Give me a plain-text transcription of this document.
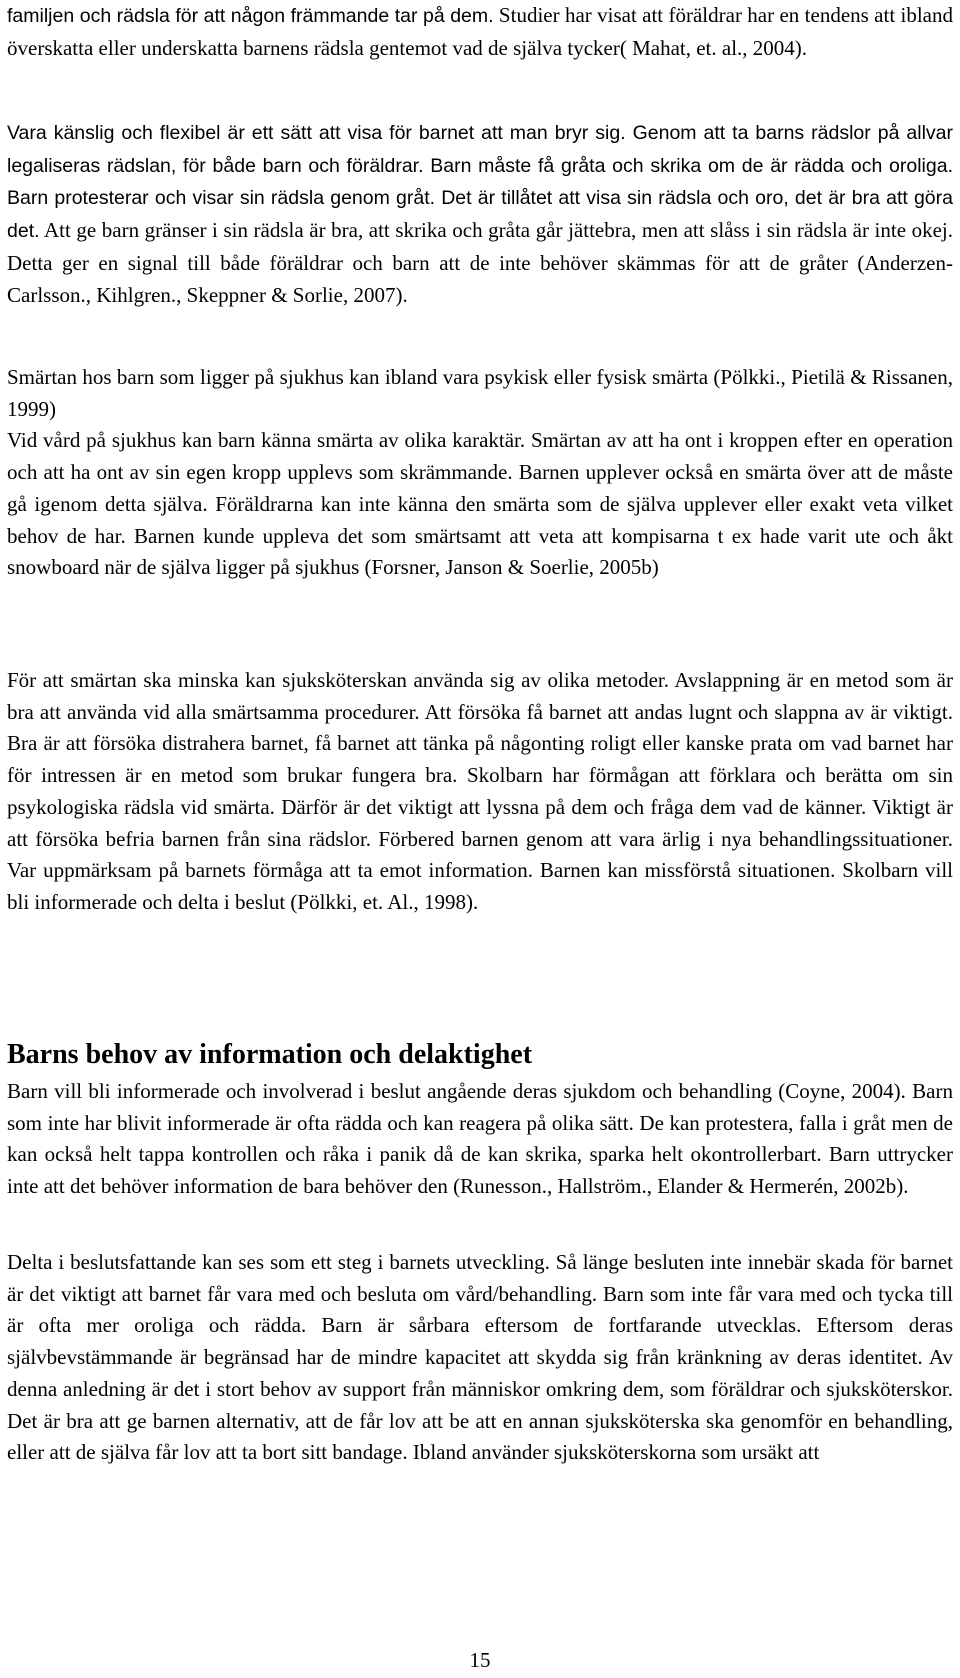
familjen och rädsla för att någon främmande tar på dem. Studier har visat att föräldrar har en tendens att ibland överskatta eller underskatta barnens rädsla gentemot vad de själva tycker( Mahat, et. al., 2004).

Vara känslig och flexibel är ett sätt att visa för barnet att man bryr sig. Genom att ta barns rädslor på allvar legaliseras rädslan, för både barn och föräldrar. Barn måste få gråta och skrika om de är rädda och oroliga. Barn protesterar och visar sin rädsla genom gråt. Det är tillåtet att visa sin rädsla och oro, det är bra att göra det. Att ge barn gränser i sin rädsla är bra, att skrika och gråta går jättebra, men att slåss i sin rädsla är inte okej. Detta ger en signal till både föräldrar och barn att de inte behöver skämmas för att de gråter (Anderzen-Carlsson., Kihlgren., Skeppner & Sorlie, 2007).

Smärtan hos barn som ligger på sjukhus kan ibland vara psykisk eller fysisk smärta (Pölkki., Pietilä & Rissanen, 1999)
Vid vård på sjukhus kan barn känna smärta av olika karaktär. Smärtan av att ha ont i kroppen efter en operation och att ha ont av sin egen kropp upplevs som skrämmande. Barnen upplever också en smärta över att de måste gå igenom detta själva. Föräldrarna kan inte känna den smärta som de själva upplever eller exakt veta vilket behov de har. Barnen kunde uppleva det som smärtsamt att veta att kompisarna t ex hade varit ute och åkt snowboard när de själva ligger på sjukhus (Forsner, Janson & Soerlie, 2005b)

För att smärtan ska minska kan sjuksköterskan använda sig av olika metoder. Avslappning är en metod som är bra att använda vid alla smärtsamma procedurer. Att försöka få barnet att andas lugnt och slappna av är viktigt. Bra är att försöka distrahera barnet, få barnet att tänka på någonting roligt eller kanske prata om vad barnet har för intressen är en metod som brukar fungera bra. Skolbarn har förmågan att förklara och berätta om sin psykologiska rädsla vid smärta. Därför är det viktigt att lyssna på dem och fråga dem vad de känner. Viktigt är att försöka befria barnen från sina rädslor. Förbered barnen genom att vara ärlig i nya behandlingssituationer. Var uppmärksam på barnets förmåga att ta emot information. Barnen kan missförstå situationen. Skolbarn vill bli informerade och delta i beslut (Pölkki, et. Al., 1998).

Barns behov av information och delaktighet

Barn vill bli informerade och involverad i beslut angående deras sjukdom och behandling (Coyne, 2004). Barn som inte har blivit informerade är ofta rädda och kan reagera på olika sätt. De kan protestera, falla i gråt men de kan också helt tappa kontrollen och råka i panik då de kan skrika, sparka helt okontrollerbart. Barn uttrycker inte att det behöver information de bara behöver den (Runesson., Hallström., Elander & Hermerén, 2002b).

Delta i beslutsfattande kan ses som ett steg i barnets utveckling. Så länge besluten inte innebär skada för barnet är det viktigt att barnet får vara med och besluta om vård/behandling. Barn som inte får vara med och tycka till är ofta mer oroliga och rädda. Barn är sårbara eftersom de fortfarande utvecklas. Eftersom deras självbevstämmande är begränsad har de mindre kapacitet att skydda sig från kränkning av deras identitet. Av denna anledning är det i stort behov av support från människor omkring dem, som föräldrar och sjuksköterskor. Det är bra att ge barnen alternativ, att de får lov att be att en annan sjuksköterska ska genomför en behandling, eller att de själva får lov att ta bort sitt bandage. Ibland använder sjuksköterskorna som ursäkt att

15
